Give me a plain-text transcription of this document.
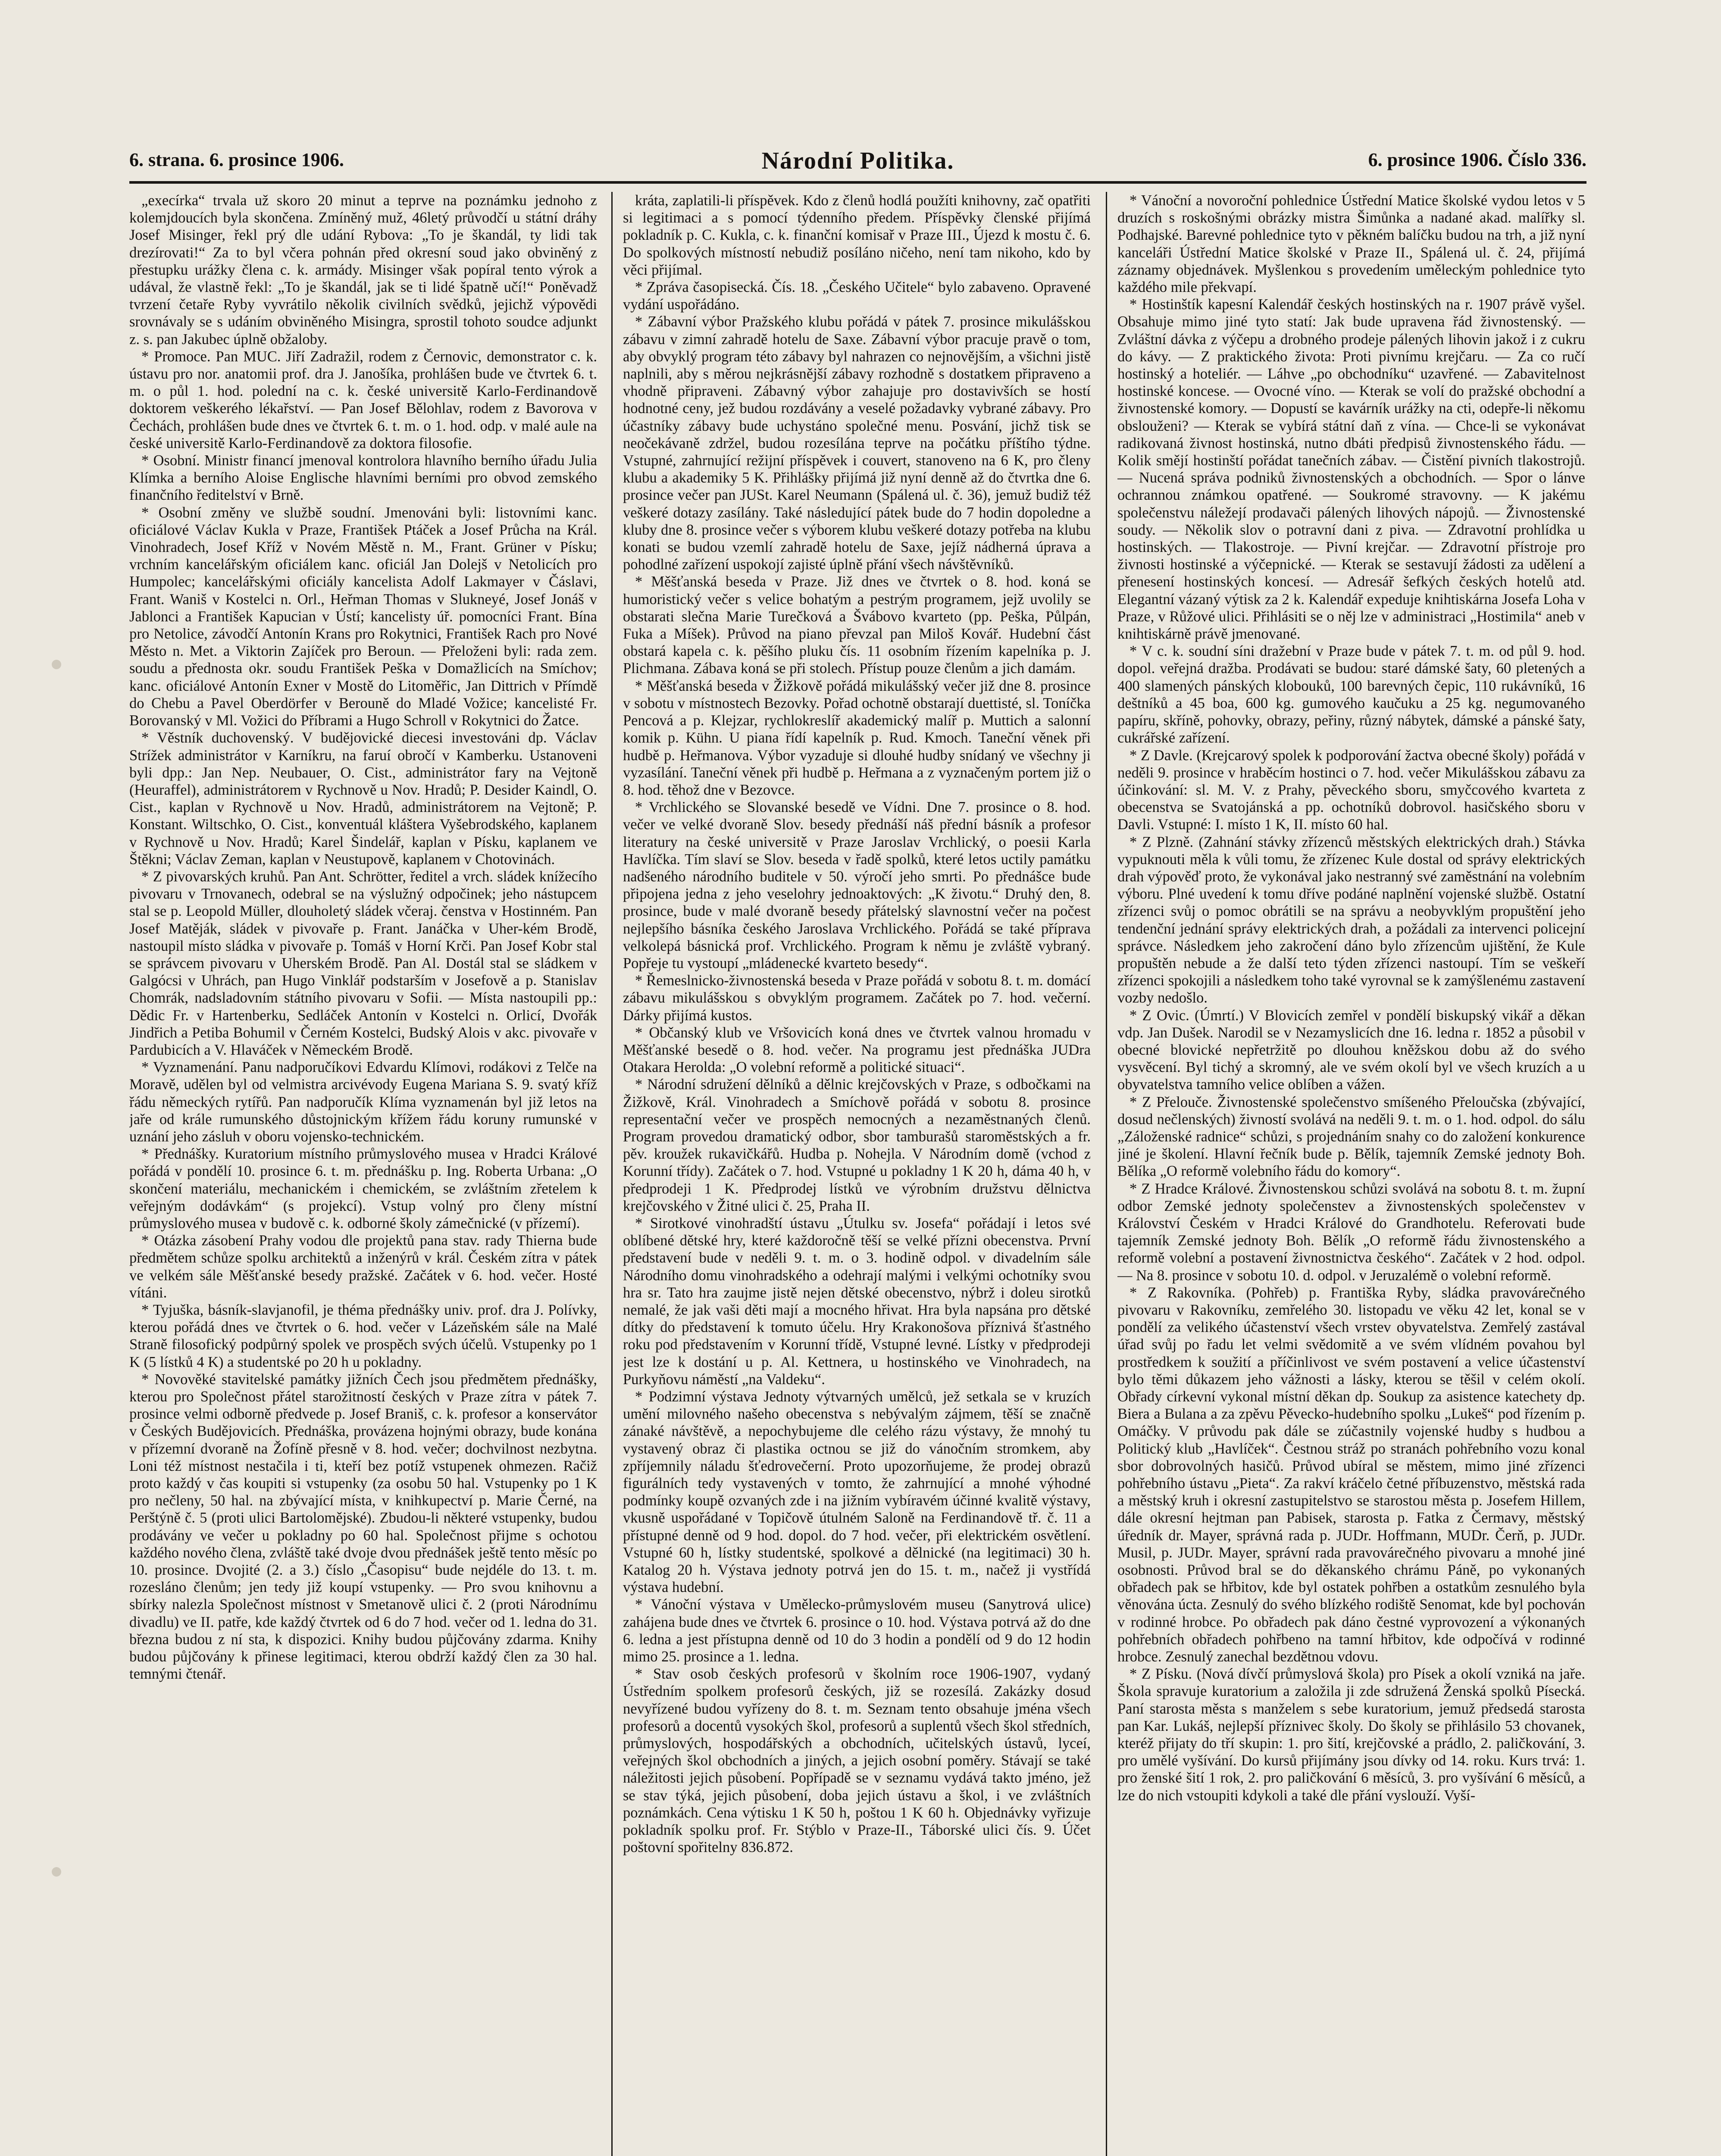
6. strana. 6. prosince 1906.	Národní Politika.	6. prosince 1906. Číslo 336.

„execírka“ trvala už skoro 20 minut a teprve na poznámku jednoho z kolemjdoucích byla skončena. Zmíněný muž, 46letý průvodčí u státní dráhy Josef Misinger, řekl prý dle udání Rybova: „To je škandál, ty lidi tak drezírovati!“ Za to byl včera pohnán před okresní soud jako obviněný z přestupku urážky člena c. k. armády. Misinger však popíral tento výrok a udával, že vlastně řekl: „To je škandál, jak se ti lidé špatně učí!“ Poněvadž tvrzení četaře Ryby vyvrátilo několik civilních svědků, jejichž výpovědi srovnávaly se s udáním obviněného Misingra, sprostil tohoto soudce adjunkt z. s. pan Jakubec úplně obžaloby.

* Promoce. Pan MUC. Jiří Zadražil, rodem z Černovic, demonstrator c. k. ústavu pro nor. anatomii prof. dra J. Janošíka, prohlášen bude ve čtvrtek 6. t. m. o půl 1. hod. polední na c. k. české universitě Karlo-Ferdinandově doktorem veškerého lékařství. — Pan Josef Bělohlav, rodem z Bavorova v Čechách, prohlášen bude dnes ve čtvrtek 6. t. m. o 1. hod. odp. v malé aule na české universitě Karlo-Ferdinandově za doktora filosofie.

* Osobní. Ministr financí jmenoval kontrolora hlavního berního úřadu Julia Klímka a berního Aloise Englische hlavními berními pro obvod zemského finančního ředitelství v Brně.

* Osobní změny ve službě soudní. Jmenováni byli: listovními kanc. oficiálové Václav Kukla v Praze, František Ptáček a Josef Průcha na Král. Vinohradech, Josef Kříž v Novém Městě n. M., Frant. Grüner v Písku; vrchním kancelářským oficiálem kanc. oficiál Jan Dolejš v Netolicích pro Humpolec; kancelářskými oficiály kancelista Adolf Lakmayer v Čáslavi, Frant. Waniš v Kostelci n. Orl., Heřman Thomas v Slukneyé, Josef Jonáš v Jablonci a František Kapucian v Ústí; kancelisty úř. pomocníci Frant. Bína pro Netolice, závodčí Antonín Krans pro Rokytnici, František Rach pro Nové Město n. Met. a Viktorin Zajíček pro Beroun. — Přeloženi byli: rada zem. soudu a přednosta okr. soudu František Peška v Domažlicích na Smíchov; kanc. oficiálové Antonín Exner v Mostě do Litoměřic, Jan Dittrich v Přímdě do Chebu a Pavel Oberdörfer v Berouně do Mladé Vožice; kancelisté Fr. Borovanský v Ml. Vožici do Příbrami a Hugo Schroll v Rokytnici do Žatce.

* Věstník duchovenský. V budějovické diecesi investováni dp. Václav Strížek administrátor v Karníkru, na faruí obročí v Kamberku. Ustanoveni byli dpp.: Jan Nep. Neubauer, O. Cist., administrátor fary na Vejtoně (Heuraffel), administrátorem v Rychnově u Nov. Hradů; P. Desider Kaindl, O. Cist., kaplan v Rychnově u Nov. Hradů, administrátorem na Vejtoně; P. Konstant. Wiltschko, O. Cist., konventuál kláštera Vyšebrodského, kaplanem v Rychnově u Nov. Hradů; Karel Šindelář, kaplan v Písku, kaplanem ve Štěkni; Václav Zeman, kaplan v Neustupově, kaplanem v Chotovinách.

* Z pivovarských kruhů. Pan Ant. Schrötter, ředitel a vrch. sládek knížecího pivovaru v Trnovanech, odebral se na výslužný odpočinek; jeho nástupcem stal se p. Leopold Müller, dlouholetý sládek včeraj. čenstva v Hostinném. Pan Josef Matěják, sládek v pivovaře p. Frant. Janáčka v Uher-kém Brodě, nastoupil místo sládka v pivovaře p. Tomáš v Horní Krči. Pan Josef Kobr stal se správcem pivovaru v Uherském Brodě. Pan Al. Dostál stal se sládkem v Galgócsi v Uhrách, pan Hugo Vinklář podstarším v Josefově a p. Stanislav Chomrák, nadsladovním státního pivovaru v Sofii. — Místa nastoupili pp.: Dědic Fr. v Hartenberku, Sedláček Antonín v Kostelci n. Orlicí, Dvořák Jindřich a Petiba Bohumil v Černém Kostelci, Budský Alois v akc. pivovaře v Pardubicích a V. Hlaváček v Německém Brodě.

* Vyznamenání. Panu nadporučíkovi Edvardu Klímovi, rodákovi z Telče na Moravě, udělen byl od velmistra arcivévody Eugena Mariana S. 9. svatý kříž řádu německých rytířů. Pan nadporučík Klíma vyznamenán byl již letos na jaře od krále rumunského důstojnickým křížem řádu koruny rumunské v uznání jeho zásluh v oboru vojensko-technickém.

* Přednášky. Kuratorium místního průmyslového musea v Hradci Králové pořádá v pondělí 10. prosince 6. t. m. přednášku p. Ing. Roberta Urbana: „O skončení materiálu, mechanickém i chemickém, se zvláštním zřetelem k veřejným dodávkám“ (s projekcí). Vstup volný pro členy místní průmyslového musea v budově c. k. odborné školy zámečnické (v přízemí).

* Otázka zásobení Prahy vodou dle projektů pana stav. rady Thierna bude předmětem schůze spolku architektů a inženýrů v král. Českém zítra v pátek ve velkém sále Měšťanské besedy pražské. Začátek v 6. hod. večer. Hosté vítáni.

* Tyjuška, básník-slavjanofil, je théma přednášky univ. prof. dra J. Polívky, kterou pořádá dnes ve čtvrtek o 6. hod. večer v Lázeňském sále na Malé Straně filosofický podpůrný spolek ve prospěch svých účelů. Vstupenky po 1 K (5 lístků 4 K) a studentské po 20 h u pokladny.

* Novověké stavitelské památky jižních Čech jsou předmětem přednášky, kterou pro Společnost přátel starožitností českých v Praze zítra v pátek 7. prosince velmi odborně předvede p. Josef Braniš, c. k. profesor a konservátor v Českých Budějovicích. Přednáška, provázena hojnými obrazy, bude konána v přízemní dvoraně na Žofíně přesně v 8. hod. večer; dochvilnost nezbytna. Loni též místnost nestačila i ti, kteří bez potíž vstupenek ohmezen. Račiž proto každý v čas koupiti si vstupenky (za osobu 50 hal. Vstupenky po 1 K pro nečleny, 50 hal. na zbývající místa, v knihkupectví p. Marie Černé, na Perštýně č. 5 (proti ulici Bartolomějské). Zbudou-li některé vstupenky, budou prodávány ve večer u pokladny po 60 hal. Společnost přijme s ochotou každého nového člena, zvláště také dvoje dvou přednášek ještě tento měsíc po 10. prosince. Dvojité (2. a 3.) číslo „Časopisu“ bude nejdéle do 13. t. m. rozesláno členům; jen tedy již koupí vstupenky. — Pro svou knihovnu a sbírky nalezla Společnost místnost v Smetanově ulici č. 2 (proti Národnímu divadlu) ve II. patře, kde každý čtvrtek od 6 do 7 hod. večer od 1. ledna do 31. března budou z ní sta, k dispozici. Knihy budou půjčovány zdarma. Knihy budou půjčovány k přinese legitimaci, kterou obdrží každý člen za 30 hal. temnými čtenář.

kráta, zaplatili-li příspěvek. Kdo z členů hodlá použíti knihovny, zač opatřiti si legitimaci a s pomocí týdenního předem. Příspěvky členské přijímá pokladník p. C. Kukla, c. k. finanční komisař v Praze III., Újezd k mostu č. 6. Do spolkových místností nebudiž posíláno ničeho, není tam nikoho, kdo by věci přijímal.

* Zpráva časopisecká. Čís. 18. „Českého Učitele“ bylo zabaveno. Opravené vydání uspořádáno.

* Zábavní výbor Pražského klubu pořádá v pátek 7. prosince mikulášskou zábavu v zimní zahradě hotelu de Saxe. Zábavní výbor pracuje pravě o tom, aby obvyklý program této zábavy byl nahrazen co nejnovějším, a všichni jistě naplnili, aby s měrou nejkrásnější zábavy rozhodně s dostatkem připraveno a vhodně připraveni. Zábavný výbor zahajuje pro dostavivších se hostí hodnotné ceny, jež budou rozdávány a veselé požadavky vybrané zábavy. Pro účastníky zábavy bude uchystáno společné menu. Posvání, jichž tisk se neočekávaně zdržel, budou rozesílána teprve na počátku příštího týdne. Vstupné, zahrnující režijní příspěvek i couvert, stanoveno na 6 K, pro členy klubu a akademiky 5 K. Přihlášky přijímá již nyní denně až do čtvrtka dne 6. prosince večer pan JUSt. Karel Neumann (Spálená ul. č. 36), jemuž budiž též veškeré dotazy zasílány. Také následující pátek bude do 7 hodin dopoledne a kluby dne 8. prosince večer s výborem klubu veškeré dotazy potřeba na klubu konati se budou vzemlí zahradě hotelu de Saxe, jejíž nádherná úprava a pohodlné zařízení uspokojí zajisté úplně přání všech návštěvníků.

* Měšťanská beseda v Praze. Již dnes ve čtvrtek o 8. hod. koná se humoristický večer s velice bohatým a pestrým programem, jejž uvolily se obstarati slečna Marie Turečková a Švábovo kvarteto (pp. Peška, Půlpán, Fuka a Míšek). Průvod na piano převzal pan Miloš Kovář. Hudební část obstará kapela c. k. pěšího pluku čís. 11 osobním řízením kapelníka p. J. Plichmana. Zábava koná se při stolech. Přístup pouze členům a jich damám.

* Měšťanská beseda v Žižkově pořádá mikulášský večer již dne 8. prosince v sobotu v místnostech Bezovky. Pořad ochotně obstarají duettisté, sl. Toníčka Pencová a p. Klejzar, rychlokreslíř akademický malíř p. Muttich a salonní komik p. Kühn. U piana řídí kapelník p. Rud. Kmoch. Taneční věnek při hudbě p. Heřmanova. Výbor vyzaduje si dlouhé hudby snídaný ve všechny ji vyzasílání. Taneční věnek při hudbě p. Heřmana a z vyznačeným portem již o 8. hod. těhož dne v Bezovce.

* Vrchlického se Slovanské besedě ve Vídni. Dne 7. prosince o 8. hod. večer ve velké dvoraně Slov. besedy přednáší náš přední básník a profesor literatury na české universitě v Praze Jaroslav Vrchlický, o poesii Karla Havlíčka. Tím slaví se Slov. beseda v řadě spolků, které letos uctily památku nadšeného národního buditele v 50. výročí jeho smrti. Po přednášce bude připojena jedna z jeho veselohry jednoaktových: „K životu.“ Druhý den, 8. prosince, bude v malé dvoraně besedy přátelský slavnostní večer na počest nejlepšího básníka českého Jaroslava Vrchlického. Pořádá se také příprava velkolepá básnická prof. Vrchlického. Program k němu je zvláště vybraný. Popřeje tu vystoupí „mládenecké kvarteto besedy“.

* Řemeslnicko-živnostenská beseda v Praze pořádá v sobotu 8. t. m. domácí zábavu mikulášskou s obvyklým programem. Začátek po 7. hod. večerní. Dárky přijímá kustos.

* Občanský klub ve Vršovicích koná dnes ve čtvrtek valnou hromadu v Měšťanské besedě o 8. hod. večer. Na programu jest přednáška JUDra Otakara Herolda: „O volební reformě a politické situaci“.

* Národní sdružení dělníků a dělnic krejčovských v Praze, s odbočkami na Žižkově, Král. Vinohradech a Smíchově pořádá v sobotu 8. prosince representační večer ve prospěch nemocných a nezaměstnaných členů. Program provedou dramatický odbor, sbor tamburašů staroměstských a fr. pěv. kroužek rukavičkářů. Hudba p. Nohejla. V Národním domě (vchod z Korunní třídy). Začátek o 7. hod. Vstupné u pokladny 1 K 20 h, dáma 40 h, v předprodeji 1 K. Předprodej lístků ve výrobním družstvu dělnictva krejčovského v Žitné ulici č. 25, Praha II.

* Sirotkové vinohradští ústavu „Útulku sv. Josefa“ pořádají i letos své oblíbené dětské hry, které každoročně těší se velké přízni obecenstva. První představení bude v neděli 9. t. m. o 3. hodině odpol. v divadelním sále Národního domu vinohradského a odehrají malými i velkými ochotníky svou hra sr. Tato hra zaujme jistě nejen dětské obecenstvo, nýbrž i doleu sirotků nemalé, že jak vaši děti mají a mocného hřivat. Hra byla napsána pro dětské dítky do představení k tomuto účelu. Hry Krakonošova příznivá šťastného roku pod představením v Korunní třídě, Vstupné levné. Lístky v předprodeji jest lze k dostání u p. Al. Kettnera, u hostinského ve Vinohradech, na Purkyňovu náměstí „na Valdeku“.

* Podzimní výstava Jednoty výtvarných umělců, jež setkala se v kruzích umění milovného našeho obecenstva s nebývalým zájmem, těší se značně zánaké návštěvě, a nepochybujeme dle celého rázu výstavy, že mnohý tu vystavený obraz či plastika octnou se již do vánočním stromkem, aby zpříjemnily náladu šťedrovečerní. Proto upozorňujeme, že prodej obrazů figurálních tedy vystavených v tomto, že zahrnující a mnohé výhodné podmínky koupě ozvaných zde i na jižním vybíravém účinné kvalitě výstavy, vkusně uspořádané v Topičově útulném Saloně na Ferdinandově tř. č. 11 a přístupné denně od 9 hod. dopol. do 7 hod. večer, při elektrickém osvětlení. Vstupné 60 h, lístky studentské, spolkové a dělnické (na legitimaci) 30 h. Katalog 20 h. Výstava jednoty potrvá jen do 15. t. m., načež ji vystřídá výstava hudební.

* Vánoční výstava v Umělecko-průmyslovém museu (Sanytrová ulice) zahájena bude dnes ve čtvrtek 6. prosince o 10. hod. Výstava potrvá až do dne 6. ledna a jest přístupna denně od 10 do 3 hodin a pondělí od 9 do 12 hodin mimo 25. prosince a 1. ledna.

* Stav osob českých profesorů v školním roce 1906-1907, vydaný Ústředním spolkem profesorů českých, již se rozesílá. Zakázky dosud nevyřízené budou vyřízeny do 8. t. m. Seznam tento obsahuje jména všech profesorů a docentů vysokých škol, profesorů a suplentů všech škol středních, průmyslových, hospodářských a obchodních, učitelských ústavů, lyceí, veřejných škol obchodních a jiných, a jejich osobní poměry. Stávají se také náležitosti jejich působení. Popřípadě se v seznamu vydává takto jméno, jež se stav týká, jejich působení, doba jejich ústavu a škol, i ve zvláštních poznámkách. Cena výtisku 1 K 50 h, poštou 1 K 60 h. Objednávky vyřizuje pokladník spolku prof. Fr. Stýblo v Praze-II., Táborské ulici čís. 9. Účet poštovní spořitelny 836.872.

* Vánoční a novoroční pohlednice Ústřední Matice školské vydou letos v 5 druzích s roskošnými obrázky mistra Šimůnka a nadané akad. malířky sl. Podhajské. Barevné pohlednice tyto v pěkném balíčku budou na trh, a již nyní kanceláři Ústřední Matice školské v Praze II., Spálená ul. č. 24, přijímá záznamy objednávek. Myšlenkou s provedením uměleckým pohlednice tyto každého mile překvapí.

* Hostinštík kapesní Kalendář českých hostinských na r. 1907 právě vyšel. Obsahuje mimo jiné tyto statí: Jak bude upravena řád živnostenský. — Zvláštní dávka z výčepu a drobného prodeje pálených lihovin jakož i z cukru do kávy. — Z praktického života: Proti pivnímu krejčaru. — Za co ručí hostinský a hoteliér. — Láhve „po obchodníku“ uzavřené. — Zabavitelnost hostinské koncese. — Ovocné víno. — Kterak se volí do pražské obchodní a živnostenské komory. — Dopustí se kavárník urážky na cti, odepře-li někomu obslouženi? — Kterak se vybírá státní daň z vína. — Chce-li se vykonávat radikovaná živnost hostinská, nutno dbáti předpisů živnostenského řádu. — Kolik smějí hostinští pořádat tanečních zábav. — Čistění pivních tlakostrojů. — Nucená správa podniků živnostenských a obchodních. — Spor o lánve ochrannou známkou opatřené. — Soukromé stravovny. — K jakému společenstvu náležejí prodavači pálených lihových nápojů. — Živnostenské soudy. — Několik slov o potravní dani z piva. — Zdravotní prohlídka u hostinských. — Tlakostroje. — Pivní krejčar. — Zdravotní přístroje pro živnosti hostinské a výčepnické. — Kterak se sestavují žádosti za udělení a přenesení hostinských koncesí. — Adresář šefkých českých hotelů atd. Elegantní vázaný výtisk za 2 k. Kalendář expeduje knihtiskárna Josefa Loha v Praze, v Růžové ulici. Přihlásiti se o něj lze v administraci „Hostimila“ aneb v knihtiskárně právě jmenované.

* V c. k. soudní síni dražební v Praze bude v pátek 7. t. m. od půl 9. hod. dopol. veřejná dražba. Prodávati se budou: staré dámské šaty, 60 pletených a 400 slamených pánských klobouků, 100 barevných čepic, 110 rukávníků, 16 deštníků a 45 boa, 600 kg. gumového kaučuku a 25 kg. negumovaného papíru, skříně, pohovky, obrazy, peřiny, různý nábytek, dámské a pánské šaty, cukrářské zařízení.

* Z Davle. (Krejcarový spolek k podporování žactva obecné školy) pořádá v neděli 9. prosince v hraběcím hostinci o 7. hod. večer Mikulášskou zábavu za účinkování: sl. M. V. z Prahy, pěveckého sboru, smyčcového kvarteta z obecenstva se Svatojánská a pp. ochotníků dobrovol. hasičského sboru v Davli. Vstupné: I. místo 1 K, II. místo 60 hal.

* Z Plzně. (Zahnání stávky zřízenců městských elektrických drah.) Stávka vypuknouti měla k vůli tomu, že zřízenec Kule dostal od správy elektrických drah výpověď proto, že vykonával jako nestranný své zaměstnání na volebním výboru. Plné uvedení k tomu dříve podáné naplnění vojenské službě. Ostatní zřízenci svůj o pomoc obrátili se na správu a neobyvklým propuštění jeho tendenční jednání správy elektrických drah, a požádali za intervenci policejní správce. Následkem jeho zakročení dáno bylo zřízencům ujištění, že Kule propuštěn nebude a že další teto týden zřízenci nastoupí. Tím se veškeří zřízenci spokojili a následkem toho také vyrovnal se k zamýšlenému zastavení vozby nedošlo.

* Z Ovic. (Úmrtí.) V Blovicích zemřel v pondělí biskupský vikář a děkan vdp. Jan Dušek. Narodil se v Nezamyslicích dne 16. ledna r. 1852 a působil v obecné blovické nepřetržitě po dlouhou kněžskou dobu až do svého vysvěcení. Byl tichý a skromný, ale ve svém okolí byl ve všech kruzích a u obyvatelstva tamního velice oblíben a vážen.

* Z Přelouče. Živnostenské společenstvo smíšeného Přeloučska (zbývající, dosud nečlenských) živností svolává na neděli 9. t. m. o 1. hod. odpol. do sálu „Záloženské radnice“ schůzi, s projednáním snahy co do založení konkurence jiné je školení. Hlavní řečník bude p. Bělík, tajemník Zemské jednoty Boh. Bělíka „O reformě volebního řádu do komory“.

* Z Hradce Králové. Živnostenskou schůzi svolává na sobotu 8. t. m. župní odbor Zemské jednoty společenstev a živnostenských společenstev v Království Českém v Hradci Králové do Grandhotelu. Referovati bude tajemník Zemské jednoty Boh. Bělík „O reformě řádu živnostenského a reformě volební a postavení živnostnictva českého“. Začátek v 2 hod. odpol. — Na 8. prosince v sobotu 10. d. odpol. v Jeruzalémě o volební reformě.

* Z Rakovníka. (Pohřeb) p. Františka Ryby, sládka pravovárečného pivovaru v Rakovníku, zemřelého 30. listopadu ve věku 42 let, konal se v pondělí za velikého účastenství všech vrstev obyvatelstva. Zemřelý zastával úřad svůj po řadu let velmi svědomitě a ve svém vlídném povahou byl prostředkem k soužití a příčinlivost ve svém postavení a velice účastenství bylo těmi důkazem jeho vážnosti a lásky, kterou se těšil v celém okolí. Obřady církevní vykonal místní děkan dp. Soukup za asistence katechety dp. Biera a Bulana a za zpěvu Pěvecko-hudebního spolku „Lukeš“ pod řízením p. Omáčky. V průvodu pak dále se zúčastnily vojenské hudby s hudbou a Politický klub „Havlíček“. Čestnou stráž po stranách pohřebního vozu konal sbor dobrovolných hasičů. Průvod ubíral se městem, mimo jiné zřízenci pohřebního ústavu „Pieta“. Za rakví kráčelo četné příbuzenstvo, městská rada a městský kruh i okresní zastupitelstvo se starostou města p. Josefem Hillem, dále okresní hejtman pan Pabisek, starosta p. Fatka z Čermavy, městský úředník dr. Mayer, správná rada p. JUDr. Hoffmann, MUDr. Čerň, p. JUDr. Musil, p. JUDr. Mayer, správní rada pravovárečného pivovaru a mnohé jiné osobnosti. Průvod bral se do děkanského chrámu Páně, po vykonaných obřadech pak se hřbitov, kde byl ostatek pohřben a ostatkům zesnulého byla věnována úcta. Zesnulý do svého blízkého rodiště Senomat, kde byl pochován v rodinné hrobce. Po obřadech pak dáno čestné vyprovození a výkonaných pohřebních obřadech pohřbeno na tamní hřbitov, kde odpočívá v rodinné hrobce. Zesnulý zanechal bezdětnou vdovu.

* Z Písku. (Nová dívčí průmyslová škola) pro Písek a okolí vzniká na jaře. Škola spravuje kuratorium a založila ji zde sdružená Ženská spolků Písecká. Paní starosta města s manželem s sebe kuratorium, jemuž předsedá starosta pan Kar. Lukáš, nejlepší příznivec školy. Do školy se přihlásilo 53 chovanek, kteréž přijaty do tří skupin: 1. pro šití, krejčovské a prádlo, 2. paličkování, 3. pro umělé vyšívání. Do kursů přijímány jsou dívky od 14. roku. Kurs trvá: 1. pro ženské šití 1 rok, 2. pro paličkování 6 měsíců, 3. pro vyšívání 6 měsíců, a lze do nich vstoupiti kdykoli a také dle přání vyslouží. Vyší-
